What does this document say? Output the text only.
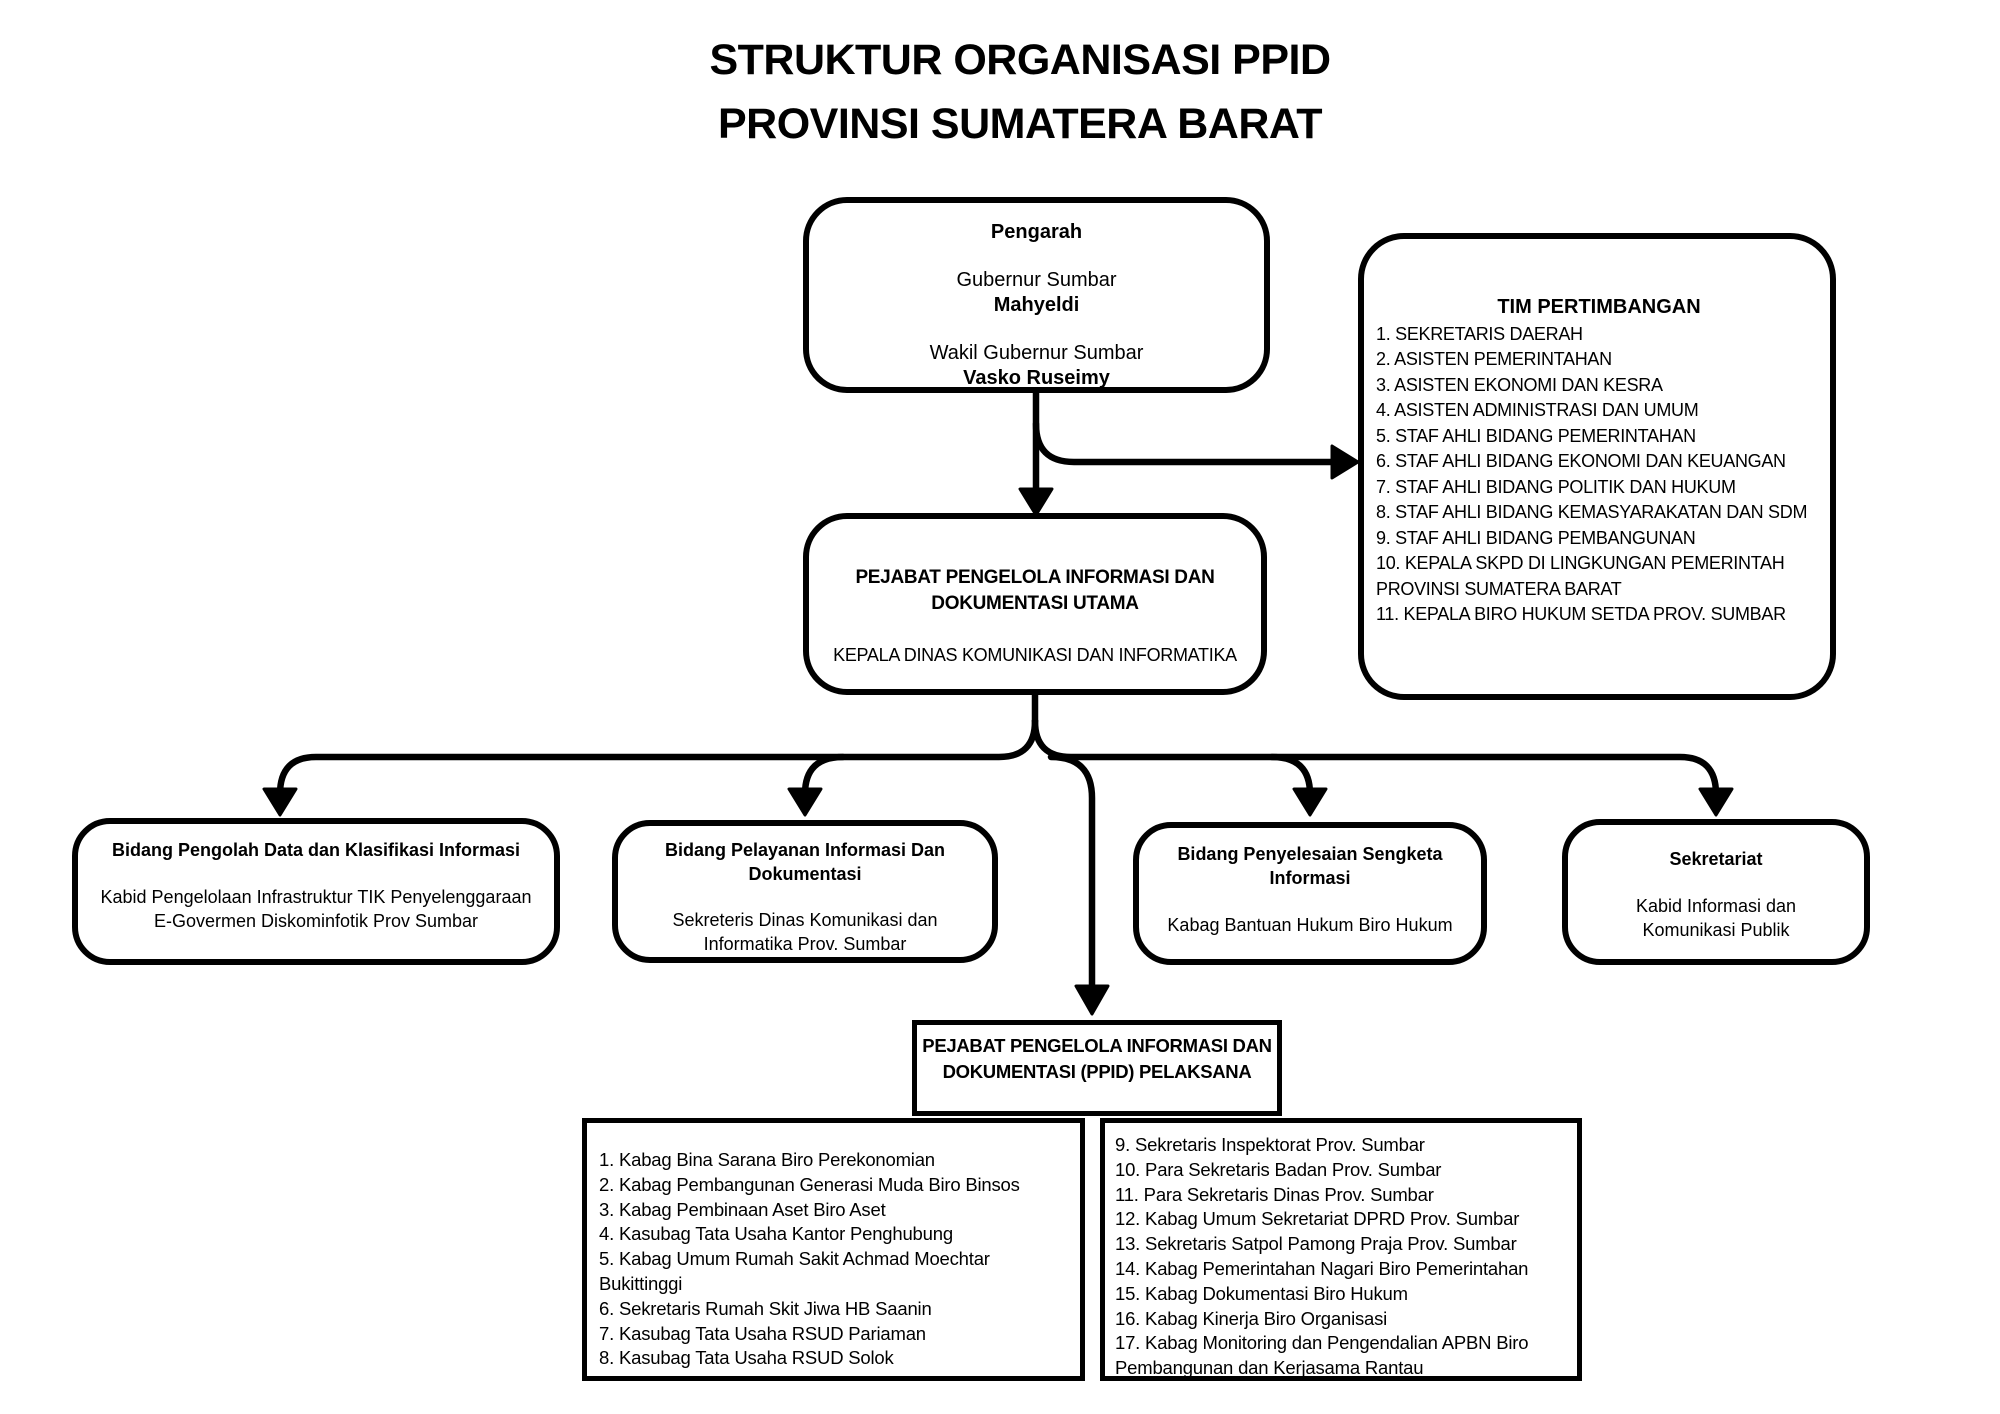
STRUKTUR ORGANISASI PPID
PROVINSI SUMATERA BARAT
Pengarah
Gubernur Sumbar
Mahyeldi
Wakil Gubernur Sumbar
Vasko Ruseimy
TIM PERTIMBANGAN
1. SEKRETARIS DAERAH
2. ASISTEN PEMERINTAHAN
3. ASISTEN EKONOMI DAN KESRA
4. ASISTEN ADMINISTRASI DAN UMUM
5. STAF AHLI BIDANG PEMERINTAHAN
6. STAF AHLI BIDANG EKONOMI DAN KEUANGAN
7. STAF AHLI BIDANG POLITIK DAN HUKUM
8. STAF AHLI BIDANG KEMASYARAKATAN DAN SDM
9. STAF AHLI BIDANG PEMBANGUNAN
10. KEPALA SKPD DI LINGKUNGAN PEMERINTAH PROVINSI SUMATERA BARAT
11. KEPALA BIRO HUKUM SETDA PROV. SUMBAR
PEJABAT PENGELOLA INFORMASI DAN DOKUMENTASI UTAMA
KEPALA DINAS KOMUNIKASI DAN INFORMATIKA
Bidang Pengolah Data dan Klasifikasi Informasi
Kabid Pengelolaan Infrastruktur TIK Penyelenggaraan E-Govermen Diskominfotik Prov Sumbar
Bidang Pelayanan Informasi Dan Dokumentasi
Sekreteris Dinas Komunikasi dan Informatika Prov. Sumbar
Bidang Penyelesaian Sengketa Informasi
Kabag Bantuan Hukum Biro Hukum
Sekretariat
Kabid Informasi dan Komunikasi Publik
PEJABAT PENGELOLA INFORMASI DAN DOKUMENTASI (PPID) PELAKSANA
1. Kabag Bina Sarana Biro Perekonomian
2. Kabag Pembangunan Generasi Muda Biro Binsos
3. Kabag Pembinaan Aset Biro Aset
4. Kasubag Tata Usaha Kantor Penghubung
5. Kabag Umum Rumah Sakit Achmad Moechtar Bukittinggi
6. Sekretaris Rumah Skit Jiwa HB Saanin
7. Kasubag Tata Usaha RSUD Pariaman
8. Kasubag Tata Usaha RSUD Solok
9. Sekretaris Inspektorat Prov. Sumbar
10. Para Sekretaris Badan Prov. Sumbar
11. Para Sekretaris Dinas Prov. Sumbar
12. Kabag Umum Sekretariat DPRD Prov. Sumbar
13. Sekretaris Satpol Pamong Praja Prov. Sumbar
14. Kabag Pemerintahan Nagari Biro Pemerintahan
15. Kabag Dokumentasi Biro Hukum
16. Kabag Kinerja Biro Organisasi
17. Kabag Monitoring dan Pengendalian APBN Biro Pembangunan dan Kerjasama Rantau
